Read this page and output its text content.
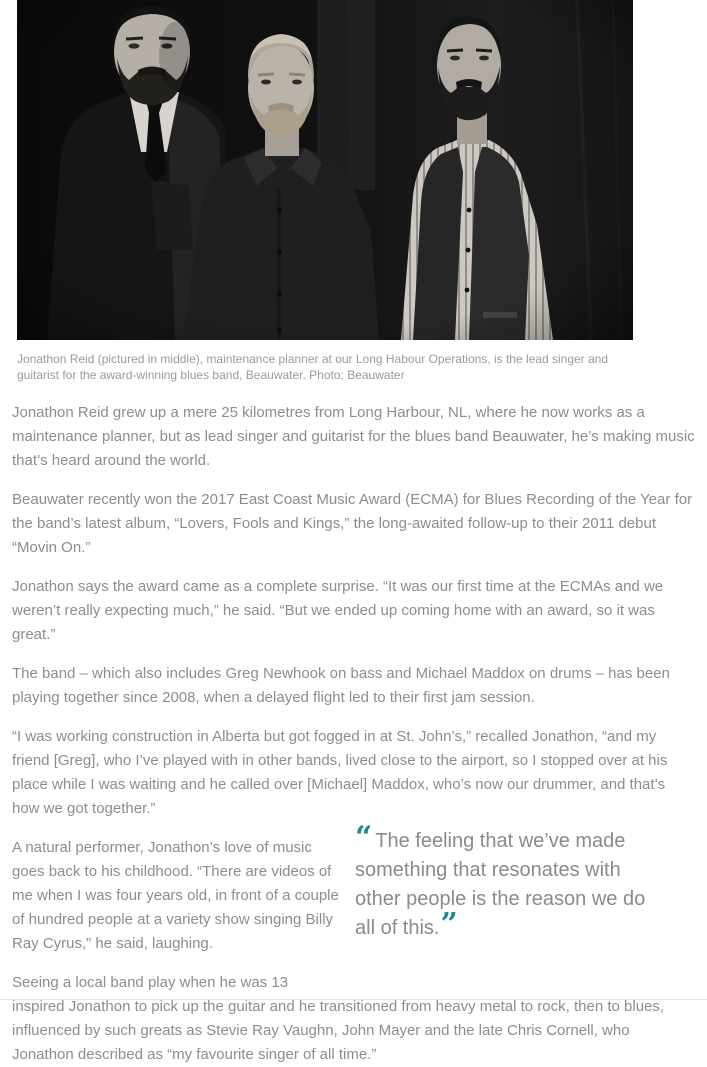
Jonathon Reid (pictured in middle), maintenance planner at our Long Habour Operations, is the lead singer and guitarist for the award-winning blues band, Beauwater. Photo: Beauwater

Jonathon Reid grew up a mere 25 kilometres from Long Harbour, NL, where he now works as a maintenance planner, but as lead singer and guitarist for the blues band Beauwater, he’s making music that’s heard around the world.

Beauwater recently won the 2017 East Coast Music Award (ECMA) for Blues Recording of the Year for the band’s latest album, “Lovers, Fools and Kings,” the long-awaited follow-up to their 2011 debut “Movin On.”

Jonathon says the award came as a complete surprise. “It was our first time at the ECMAs and we weren’t really expecting much,” he said. “But we ended up coming home with an award, so it was great.”

The band – which also includes Greg Newhook on bass and Michael Maddox on drums – has been playing together since 2008, when a delayed flight led to their first jam session.

“I was working construction in Alberta but got fogged in at St. John’s,” recalled Jonathon, “and my friend [Greg], who I’ve played with in other bands, lived close to the airport, so I stopped over at his place while I was waiting and he called over [Michael] Maddox, who’s now our drummer, and that’s how we got together.”

“ The feeling that we’ve made something that resonates with other people is the reason we do all of this.”

A natural performer, Jonathon’s love of music goes back to his childhood. “There are videos of me when I was four years old, in front of a couple of hundred people at a variety show singing Billy Ray Cyrus,” he said, laughing.

Seeing a local band play when he was 13 inspired Jonathon to pick up the guitar and he transitioned from heavy metal to rock, then to blues, influenced by such greats as Stevie Ray Vaughn, John Mayer and the late Chris Cornell, who Jonathon described as “my favourite singer of all time.”
